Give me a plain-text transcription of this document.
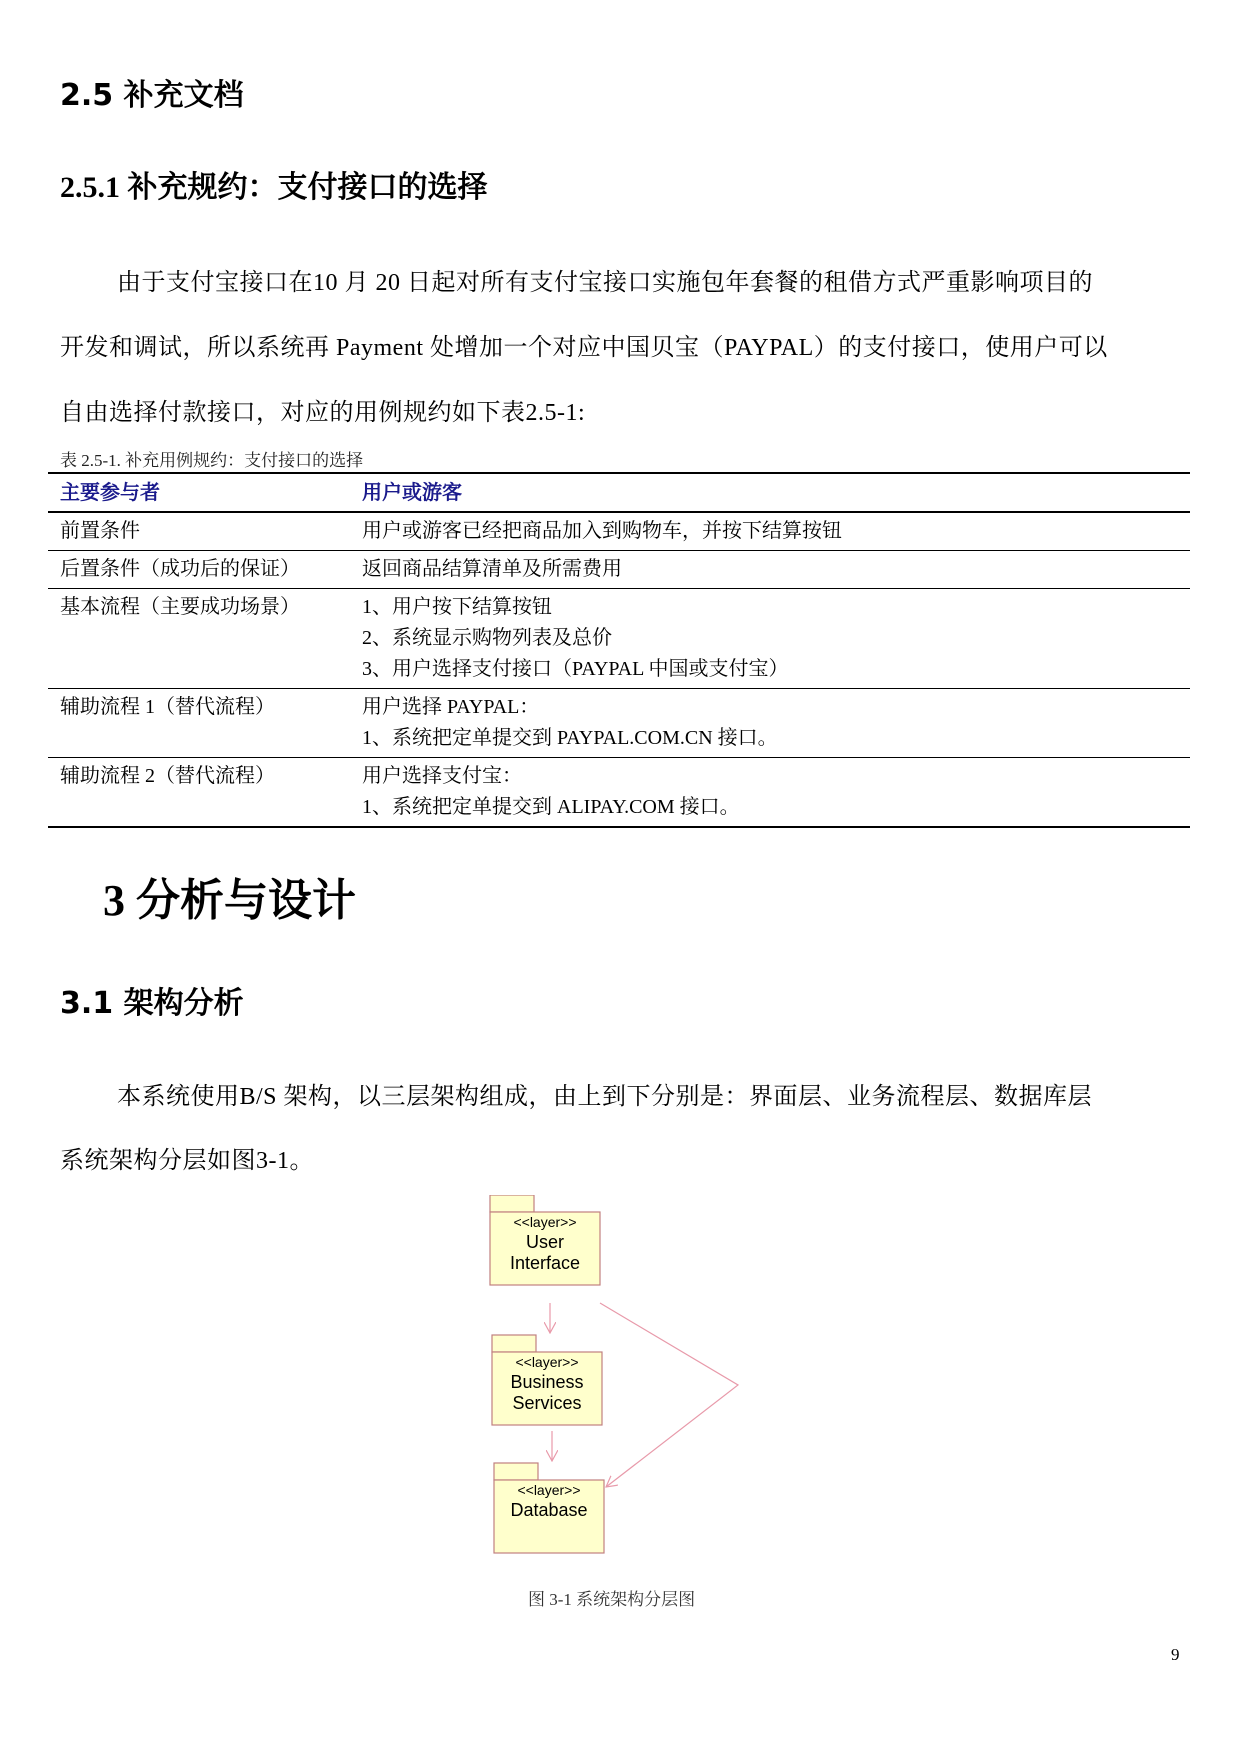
2.5 补充文档
2.5.1 补充规约：支付接口的选择
由于支付宝接口在10 月 20 日起对所有支付宝接口实施包年套餐的租借方式严重影响项目的
开发和调试，所以系统再 Payment 处增加一个对应中国贝宝（PAYPAL）的支付接口，使用户可以
自由选择付款接口，对应的用例规约如下表2.5-1:
表 2.5-1. 补充用例规约：支付接口的选择
主要参与者	用户或游客
前置条件	用户或游客已经把商品加入到购物车，并按下结算按钮

后置条件（成功后的保证）	返回商品结算清单及所需费用

基本流程（主要成功场景）	1、用户按下结算按钮
2、系统显示购物列表及总价
3、用户选择支付接口（PAYPAL 中国或支付宝）

辅助流程 1（替代流程）	用户选择 PAYPAL：
1、系统把定单提交到 PAYPAL.COM.CN 接口。

辅助流程 2（替代流程）	用户选择支付宝：
1、系统把定单提交到 ALIPAY.COM 接口。
3 分析与设计
3.1 架构分析
本系统使用B/S 架构，以三层架构组成，由上到下分别是：界面层、业务流程层、数据库层
系统架构分层如图3-1。
<<layer>>
User
Interface
<<layer>>
Business
Services
<<layer>>
Database
图 3-1 系统架构分层图
9
